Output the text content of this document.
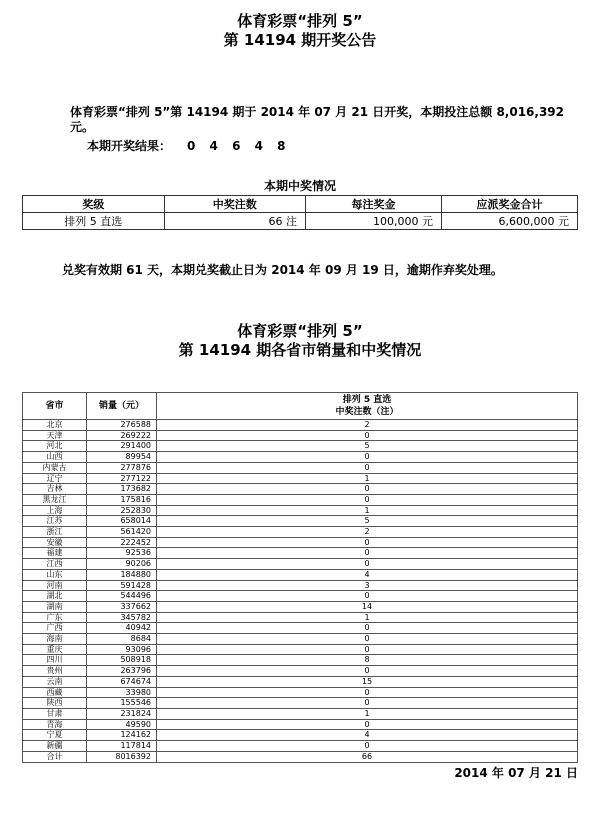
体育彩票“排列 5”
第 14194 期开奖公告
体育彩票“排列 5”第 14194 期于 2014 年 07 月 21 日开奖，本期投注总额 8,016,392 元。
本期开奖结果： 0 4 6 4 8
本期中奖情况
奖级	中奖注数	每注奖金	应派奖金合计
排列 5 直选	66 注	100,000 元	6,600,000 元
兑奖有效期 61 天，本期兑奖截止日为 2014 年 09 月 19 日，逾期作弃奖处理。
体育彩票“排列 5”
第 14194 期各省市销量和中奖情况
省市	销量（元）	排列 5 直选
中奖注数（注）

北京	276588	2
天津	269222	0
河北	291400	5
山西	89954	0
内蒙古	277876	0
辽宁	277122	1
吉林	173682	0
黑龙江	175816	0
上海	252830	1
江苏	658014	5
浙江	561420	2
安徽	222452	0
福建	92536	0
江西	90206	0
山东	184880	4
河南	591428	3
湖北	544496	0
湖南	337662	14
广东	345782	1
广西	40942	0
海南	8684	0
重庆	93096	0
四川	508918	8
贵州	263796	0
云南	674674	15
西藏	33980	0
陕西	155546	0
甘肃	231824	1
青海	49590	0
宁夏	124162	4
新疆	117814	0
合计	8016392	66
2014 年 07 月 21 日
